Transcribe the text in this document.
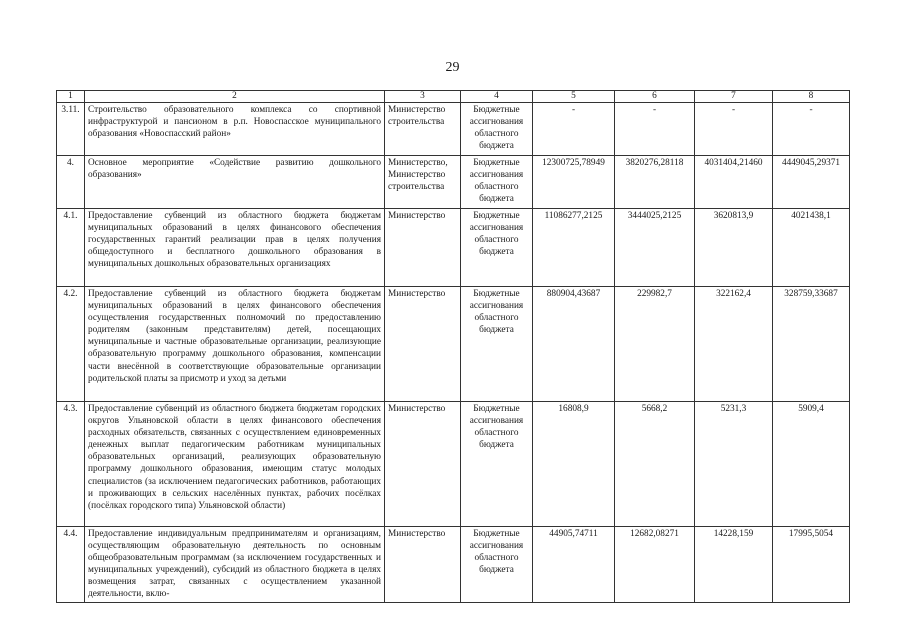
29
1	2	3	4	5	6	7	8
3.11.	Строительство образовательного комплекса со спортивной инфраструктурой и пансионом в р.п. Новоспасское муниципального образования «Новоспасский район»	Министерство строительства	Бюджетные ассигнования областного бюджета	-	-	-	-
4.	Основное мероприятие «Содействие развитию дошкольного образования»	Министерство, Министерство строительства	Бюджетные ассигнования областного бюджета	12300725,78949	3820276,28118	4031404,21460	4449045,29371
4.1.	Предоставление субвенций из областного бюджета бюджетам муниципальных образований в целях финансового обеспечения государственных гарантий реализации прав в целях получения общедоступного и бесплатного дошкольного образования в муниципальных дошкольных образовательных организациях	Министерство	Бюджетные ассигнования областного бюджета	11086277,2125	3444025,2125	3620813,9	4021438,1
4.2.	Предоставление субвенций из областного бюджета бюджетам муниципальных образований в целях финансового обеспечения осуществления государственных полномочий по предоставлению родителям (законным представителям) детей, посещающих муниципальные и частные образовательные организации, реализующие образовательную программу дошкольного образования, компенсации части внесённой в соответствующие образовательные организации родительской платы за присмотр и уход за детьми	Министерство	Бюджетные ассигнования областного бюджета	880904,43687	229982,7	322162,4	328759,33687
4.3.	Предоставление субвенций из областного бюджета бюджетам городских округов Ульяновской области в целях финансового обеспечения расходных обязательств, связанных с осуществлением единовременных денежных выплат педагогическим работникам муниципальных образовательных организаций, реализующих образовательную программу дошкольного образования, имеющим статус молодых специалистов (за исключением педагогических работников, работающих и проживающих в сельских населённых пунктах, рабочих посёлках (посёлках городского типа) Ульяновской области)	Министерство	Бюджетные ассигнования областного бюджета	16808,9	5668,2	5231,3	5909,4
4.4.	Предоставление индивидуальным предпринимателям и организациям, осуществляющим образовательную деятельность по основным общеобразовательным программам (за исключением государственных и муниципальных учреждений), субсидий из областного бюджета в целях возмещения затрат, связанных с осуществлением указанной деятельности, вклю-	Министерство	Бюджетные ассигнования областного бюджета	44905,74711	12682,08271	14228,159	17995,5054
